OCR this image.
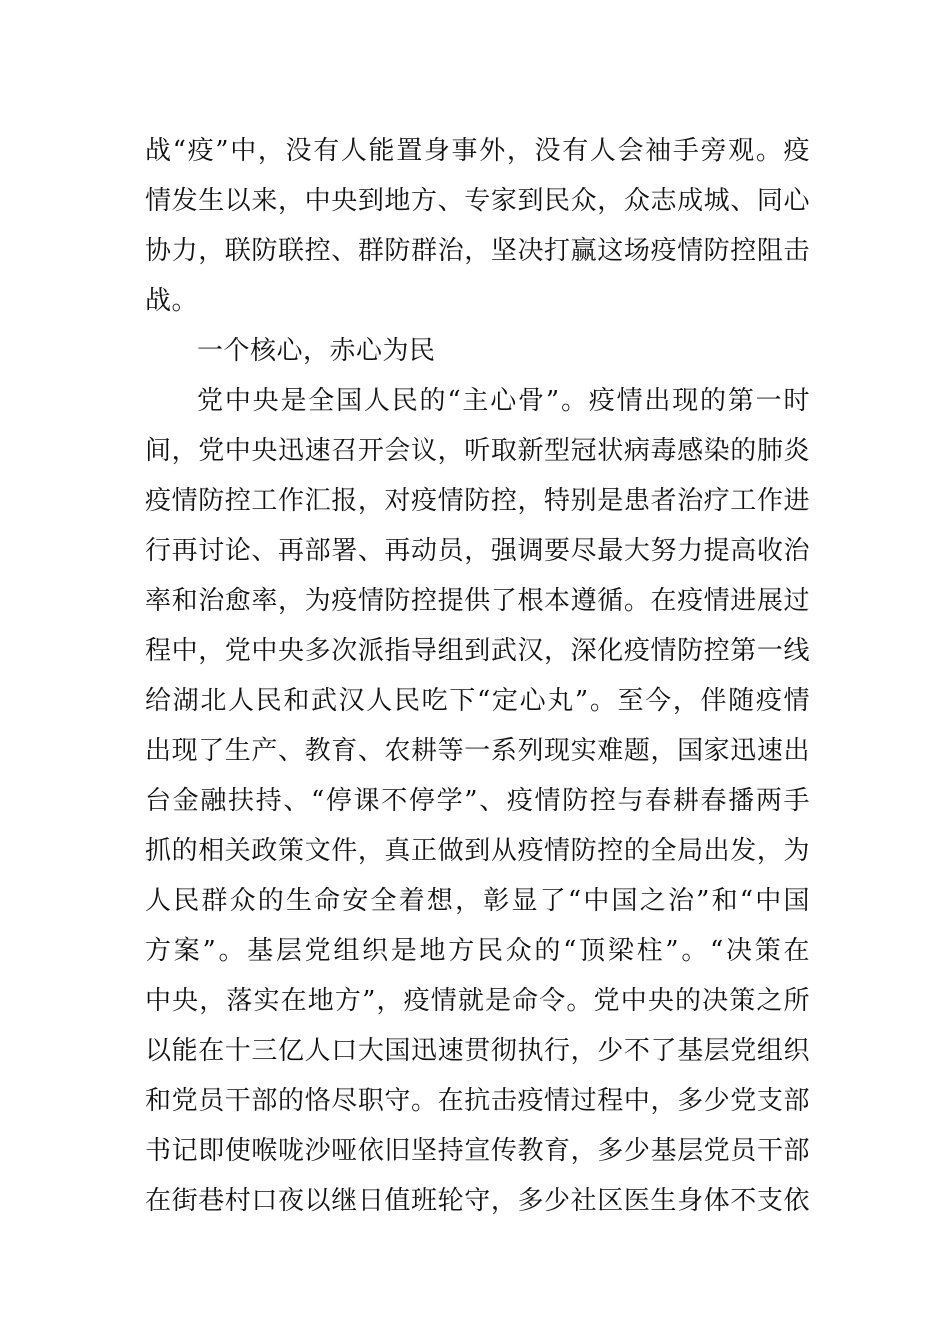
战“疫”中，没有人能置身事外，没有人会袖手旁观。疫
情发生以来，中央到地方、专家到民众，众志成城、同心
协力，联防联控、群防群治，坚决打赢这场疫情防控阻击
战。
一个核心，赤心为民
党中央是全国人民的“主心骨”。疫情出现的第一时
间，党中央迅速召开会议，听取新型冠状病毒感染的肺炎
疫情防控工作汇报，对疫情防控，特别是患者治疗工作进
行再讨论、再部署、再动员，强调要尽最大努力提高收治
率和治愈率，为疫情防控提供了根本遵循。在疫情进展过
程中，党中央多次派指导组到武汉，深化疫情防控第一线
给湖北人民和武汉人民吃下“定心丸”。至今，伴随疫情
出现了生产、教育、农耕等一系列现实难题，国家迅速出
台金融扶持、“停课不停学”、疫情防控与春耕春播两手
抓的相关政策文件，真正做到从疫情防控的全局出发，为
人民群众的生命安全着想，彰显了“中国之治”和“中国
方案”。基层党组织是地方民众的“顶梁柱”。“决策在
中央，落实在地方”，疫情就是命令。党中央的决策之所
以能在十三亿人口大国迅速贯彻执行，少不了基层党组织
和党员干部的恪尽职守。在抗击疫情过程中，多少党支部
书记即使喉咙沙哑依旧坚持宣传教育，多少基层党员干部
在街巷村口夜以继日值班轮守，多少社区医生身体不支依
